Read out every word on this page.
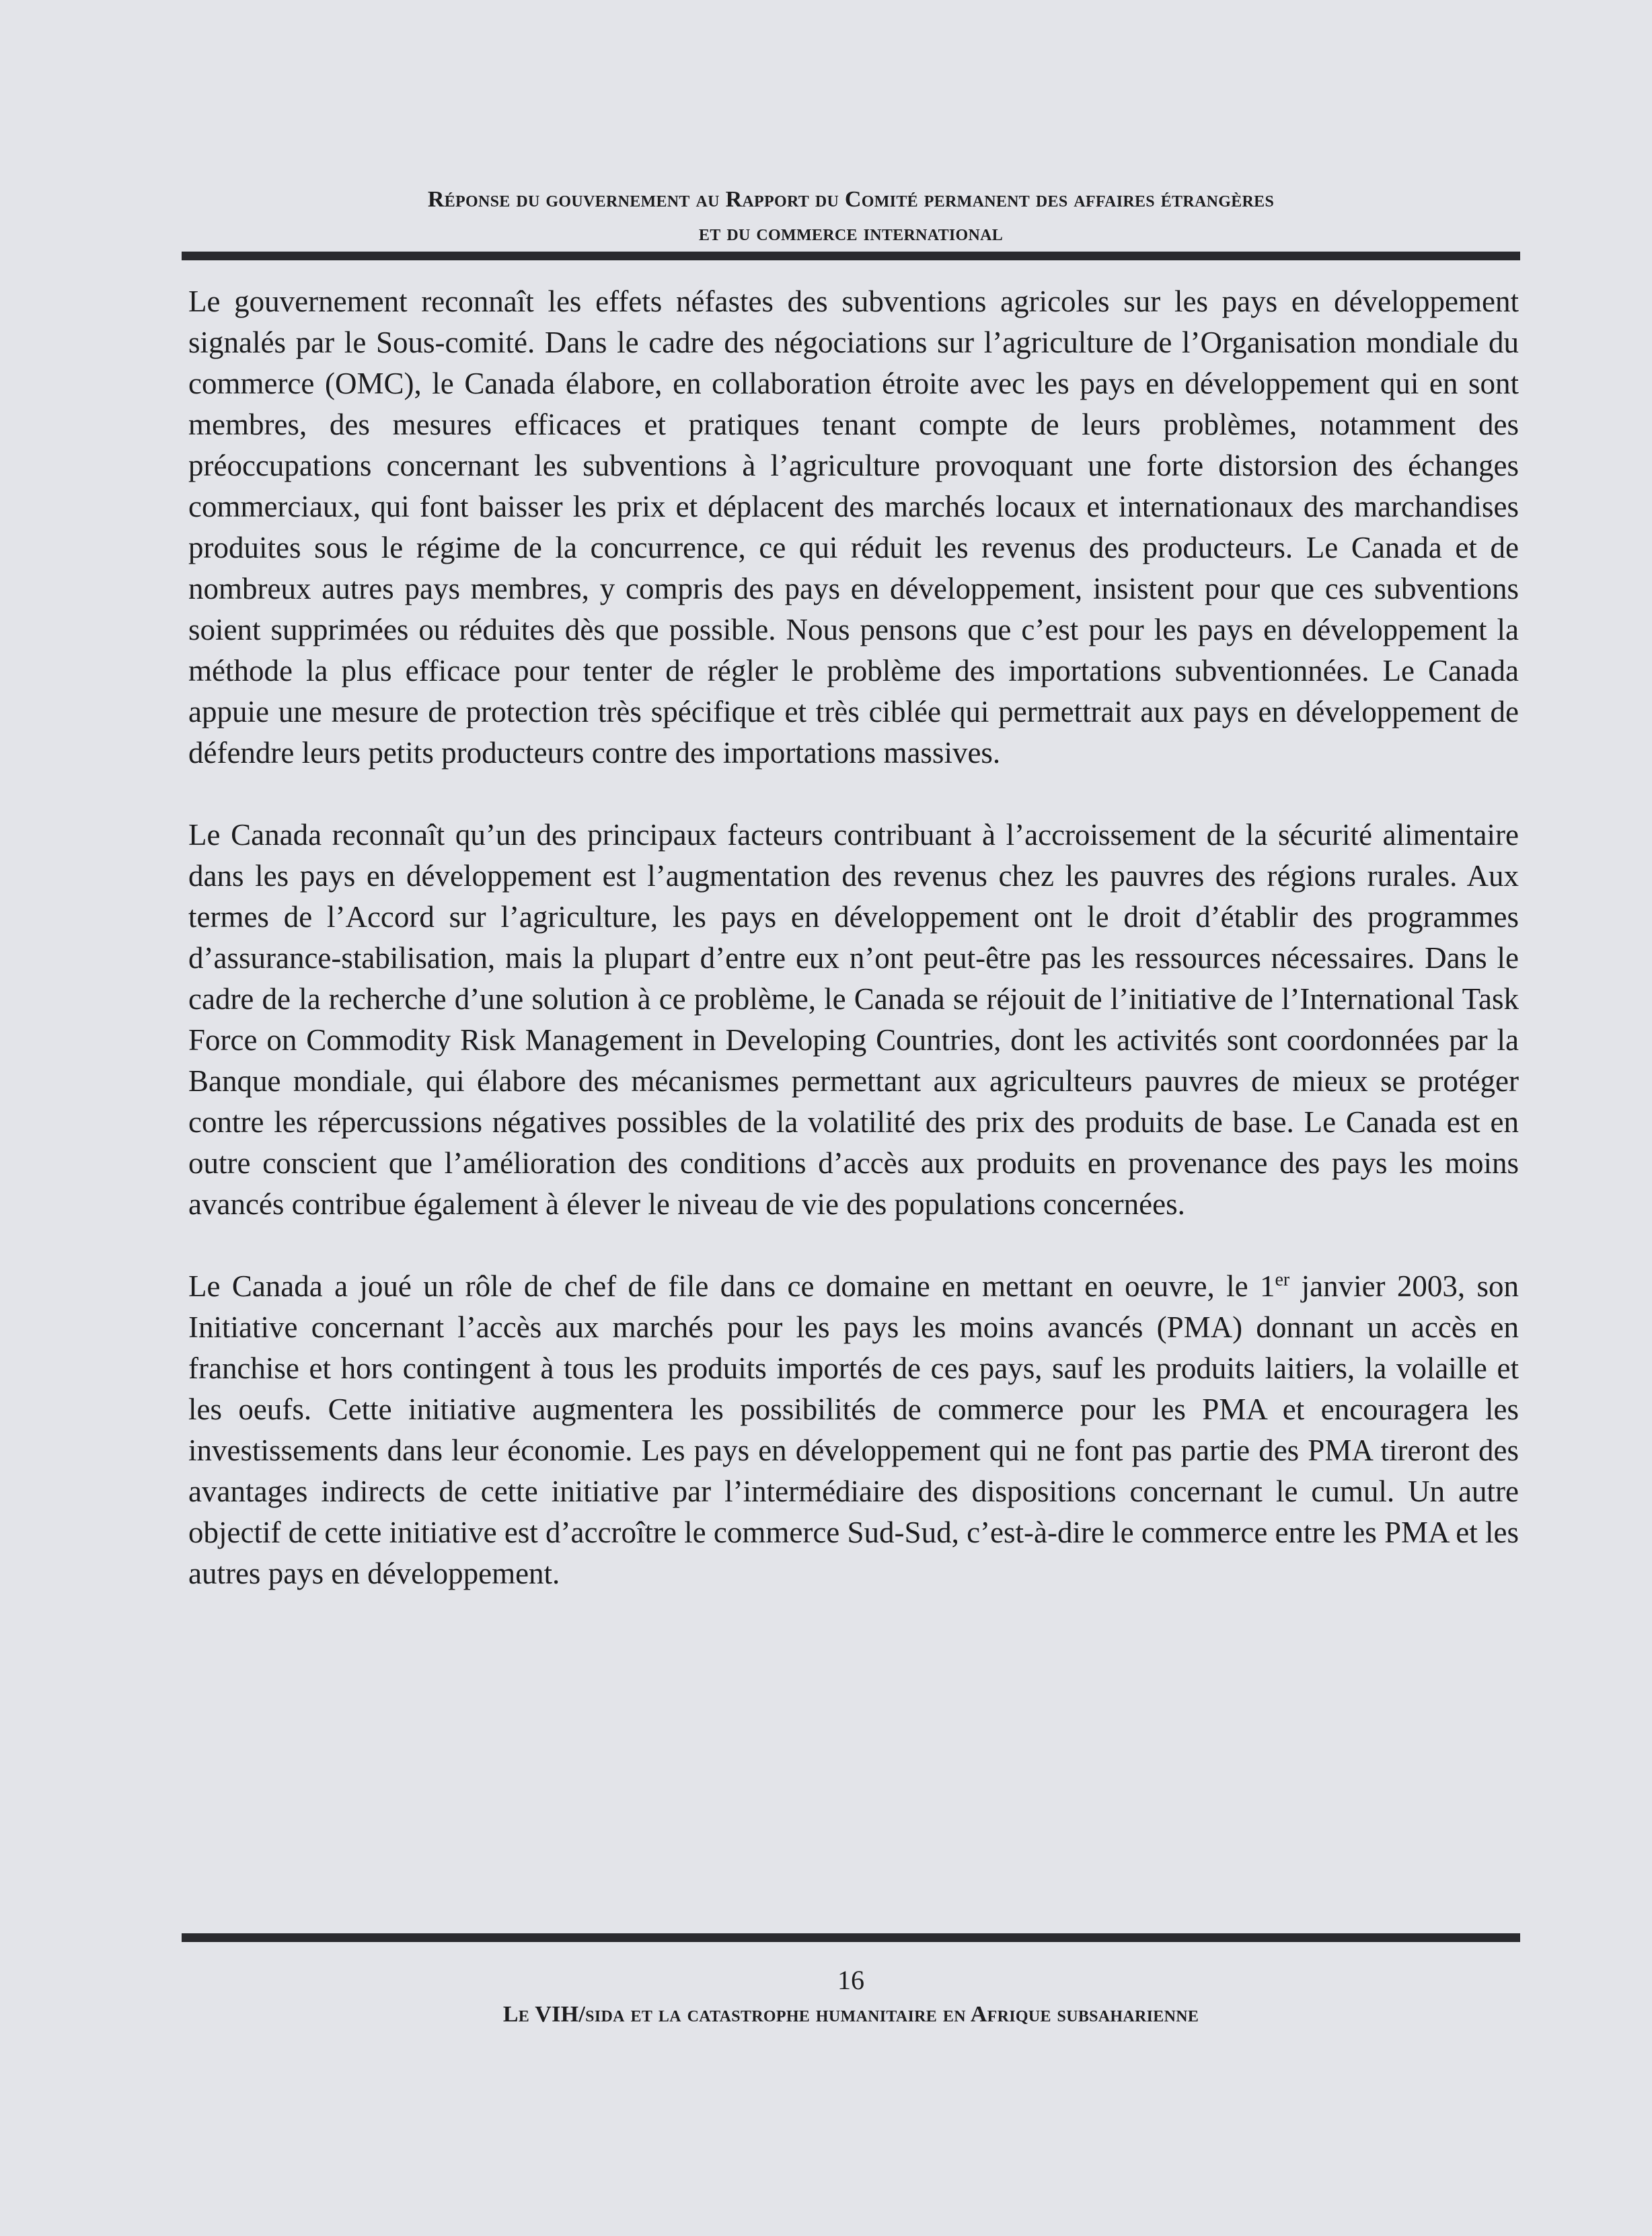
Réponse du gouvernement au Rapport du Comité permanent des affaires étrangères
et du commerce international

Le gouvernement reconnaît les effets néfastes des subventions agricoles sur les pays en développement signalés par le Sous-comité. Dans le cadre des négociations sur l’agriculture de l’Organisation mondiale du commerce (OMC), le Canada élabore, en collaboration étroite avec les pays en développement qui en sont membres, des mesures efficaces et pratiques tenant compte de leurs problèmes, notamment des préoccupations concernant les subventions à l’agriculture provoquant une forte distorsion des échanges commerciaux, qui font baisser les prix et déplacent des marchés locaux et internationaux des marchandises produites sous le régime de la concurrence, ce qui réduit les revenus des producteurs. Le Canada et de nombreux autres pays membres, y compris des pays en développement, insistent pour que ces subventions soient supprimées ou réduites dès que possible. Nous pensons que c’est pour les pays en développement la méthode la plus efficace pour tenter de régler le problème des importations subventionnées. Le Canada appuie une mesure de protection très spécifique et très ciblée qui permettrait aux pays en développement de défendre leurs petits producteurs contre des importations massives.

Le Canada reconnaît qu’un des principaux facteurs contribuant à l’accroissement de la sécurité alimentaire dans les pays en développement est l’augmentation des revenus chez les pauvres des régions rurales. Aux termes de l’Accord sur l’agriculture, les pays en développement ont le droit d’établir des programmes d’assurance-stabilisation, mais la plupart d’entre eux n’ont peut-être pas les ressources nécessaires. Dans le cadre de la recherche d’une solution à ce problème, le Canada se réjouit de l’initiative de l’International Task Force on Commodity Risk Management in Developing Countries, dont les activités sont coordonnées par la Banque mondiale, qui élabore des mécanismes permettant aux agriculteurs pauvres de mieux se protéger contre les répercussions négatives possibles de la volatilité des prix des produits de base. Le Canada est en outre conscient que l’amélioration des conditions d’accès aux produits en provenance des pays les moins avancés contribue également à élever le niveau de vie des populations concernées.

Le Canada a joué un rôle de chef de file dans ce domaine en mettant en oeuvre, le 1er janvier 2003, son Initiative concernant l’accès aux marchés pour les pays les moins avancés (PMA) donnant un accès en franchise et hors contingent à tous les produits importés de ces pays, sauf les produits laitiers, la volaille et les oeufs. Cette initiative augmentera les possibilités de commerce pour les PMA et encouragera les investissements dans leur économie. Les pays en développement qui ne font pas partie des PMA tireront des avantages indirects de cette initiative par l’intermédiaire des dispositions concernant le cumul. Un autre objectif de cette initiative est d’accroître le commerce Sud-Sud, c’est-à-dire le commerce entre les PMA et les autres pays en développement.

16
Le VIH/sida et la catastrophe humanitaire en Afrique subsaharienne
